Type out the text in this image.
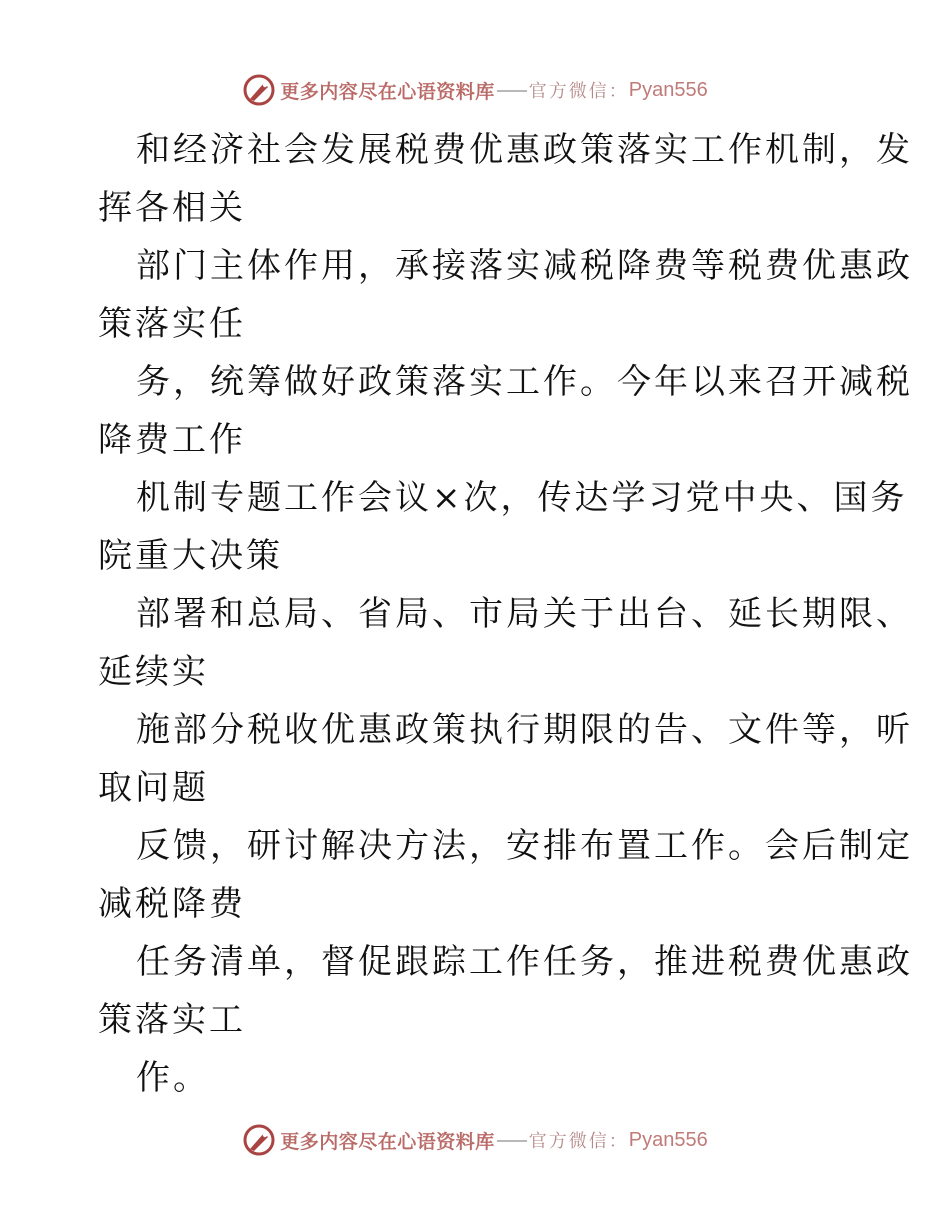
更多内容尽在心语资料库 官方微信： Pyan556
和经济社会发展税费优惠政策落实工作机制，发
挥各相关
部门主体作用，承接落实减税降费等税费优惠政
策落实任
务，统筹做好政策落实工作。今年以来召开减税
降费工作
机制专题工作会议×次，传达学习党中央、国务
院重大决策
部署和总局、省局、市局关于出台、延长期限、
延续实
施部分税收优惠政策执行期限的告、文件等，听
取问题
反馈，研讨解决方法，安排布置工作。会后制定
减税降费
任务清单，督促跟踪工作任务，推进税费优惠政
策落实工
作。
更多内容尽在心语资料库 官方微信： Pyan556
